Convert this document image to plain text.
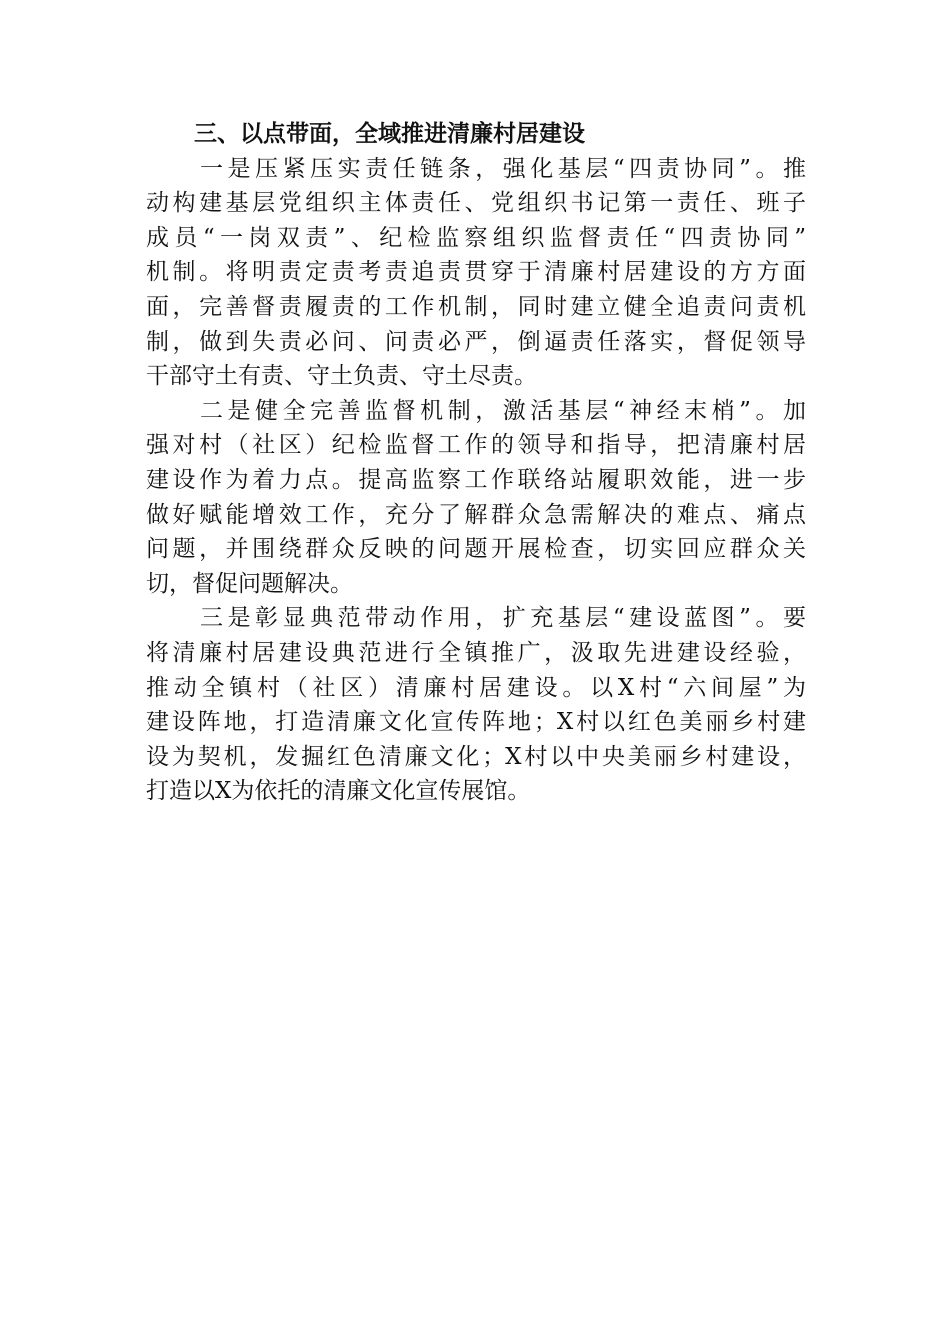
三、以点带面，全域推进清廉村居建设
一是压紧压实责任链条，强化基层“四责协同”。推
动构建基层党组织主体责任、党组织书记第一责任、班子
成员“一岗双责”、纪检监察组织监督责任“四责协同”
机制。将明责定责考责追责贯穿于清廉村居建设的方方面
面，完善督责履责的工作机制，同时建立健全追责问责机
制，做到失责必问、问责必严，倒逼责任落实，督促领导
干部守土有责、守土负责、守土尽责。
二是健全完善监督机制，激活基层“神经末梢”。加
强对村（社区）纪检监督工作的领导和指导，把清廉村居
建设作为着力点。提高监察工作联络站履职效能，进一步
做好赋能增效工作，充分了解群众急需解决的难点、痛点
问题，并围绕群众反映的问题开展检查，切实回应群众关
切，督促问题解决。
三是彰显典范带动作用，扩充基层“建设蓝图”。要
将清廉村居建设典范进行全镇推广，汲取先进建设经验，
推动全镇村（社区）清廉村居建设。以X村“六间屋”为
建设阵地，打造清廉文化宣传阵地；X村以红色美丽乡村建
设为契机，发掘红色清廉文化；X村以中央美丽乡村建设，
打造以X为依托的清廉文化宣传展馆。
